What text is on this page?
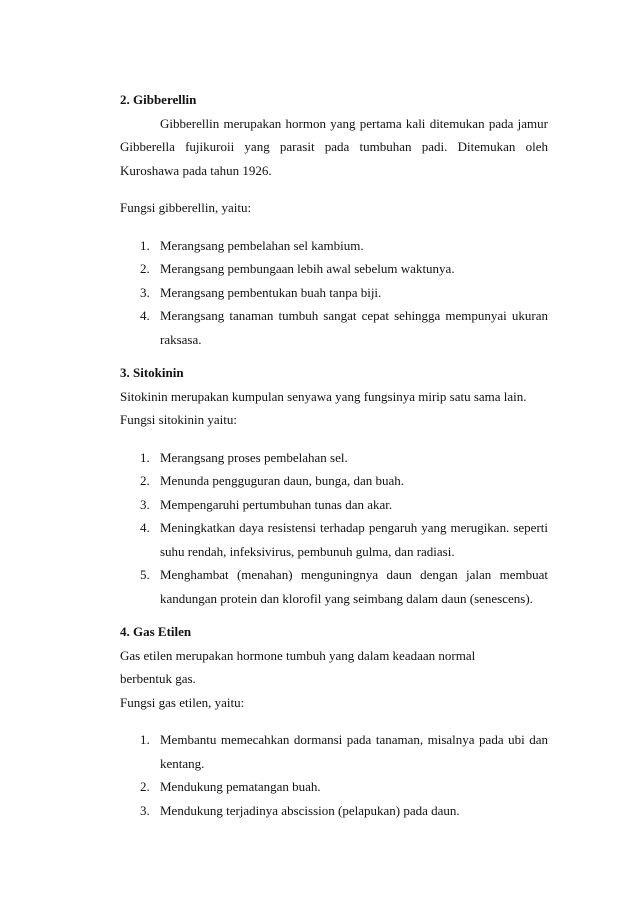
2. Gibberellin

Gibberellin merupakan hormon yang pertama kali ditemukan pada jamur Gibberella fujikuroii yang parasit pada tumbuhan padi. Ditemukan oleh Kuroshawa pada tahun 1926.

Fungsi gibberellin, yaitu:

1. Merangsang pembelahan sel kambium.
2. Merangsang pembungaan lebih awal sebelum waktunya.
3. Merangsang pembentukan buah tanpa biji.
4. Merangsang tanaman tumbuh sangat cepat sehingga mempunyai ukuran raksasa.
3. Sitokinin

Sitokinin merupakan kumpulan senyawa yang fungsinya mirip satu sama lain.

Fungsi sitokinin yaitu:

1. Merangsang proses pembelahan sel.
2. Menunda pengguguran daun, bunga, dan buah.
3. Mempengaruhi pertumbuhan tunas dan akar.
4. Meningkatkan daya resistensi terhadap pengaruh yang merugikan. seperti suhu rendah, infeksivirus, pembunuh gulma, dan radiasi.
5. Menghambat (menahan) menguningnya daun dengan jalan membuat kandungan protein dan klorofil yang seimbang dalam daun (senescens).
4. Gas Etilen

Gas etilen merupakan hormone tumbuh yang dalam keadaan normal berbentuk gas.

Fungsi gas etilen, yaitu:

1. Membantu memecahkan dormansi pada tanaman, misalnya pada ubi dan kentang.
2. Mendukung pematangan buah.
3. Mendukung terjadinya abscission (pelapukan) pada daun.
